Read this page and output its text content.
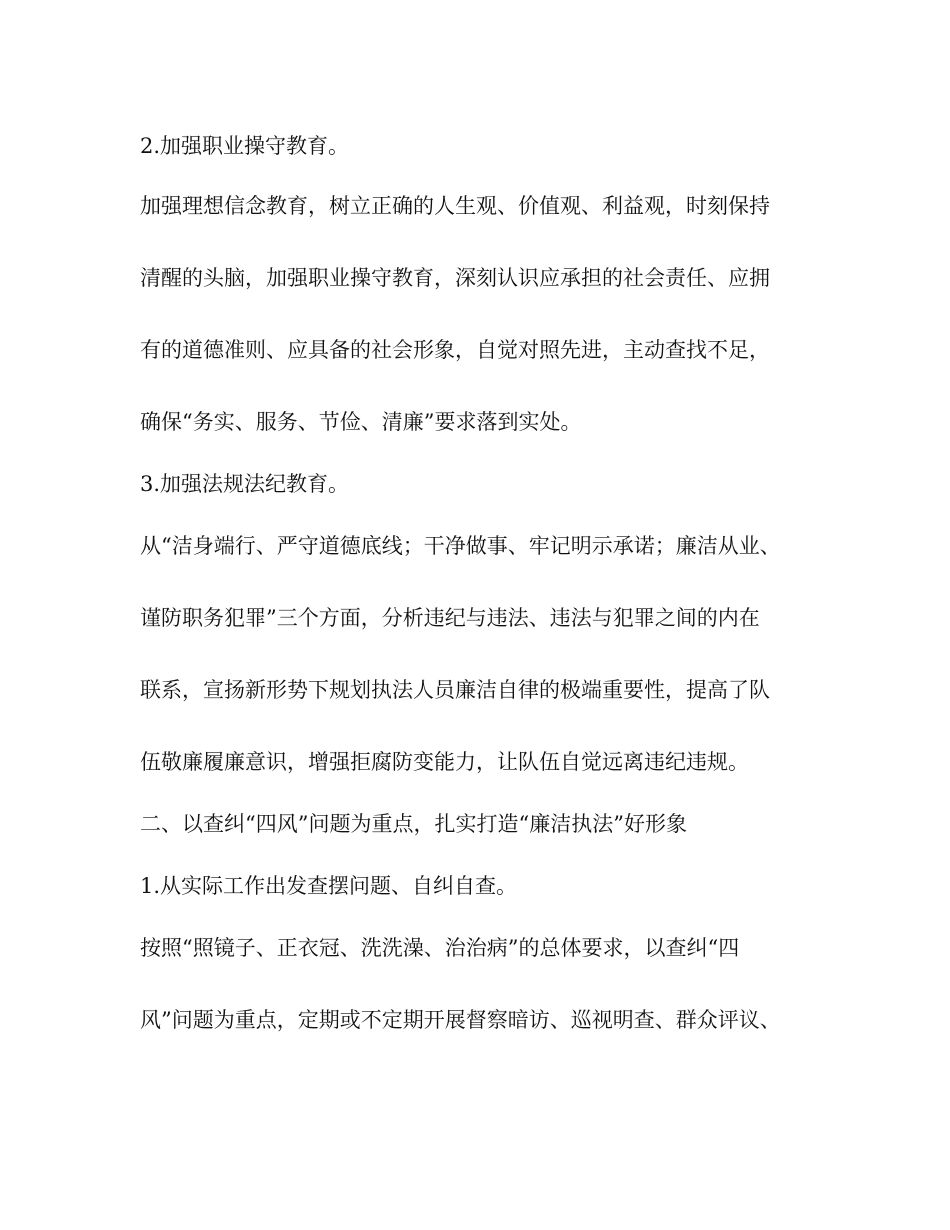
2.加强职业操守教育。
加强理想信念教育，树立正确的人生观、价值观、利益观，时刻保持
清醒的头脑，加强职业操守教育，深刻认识应承担的社会责任、应拥
有的道德准则、应具备的社会形象，自觉对照先进，主动查找不足，
确保“务实、服务、节俭、清廉”要求落到实处。
3.加强法规法纪教育。
从“洁身端行、严守道德底线；干净做事、牢记明示承诺；廉洁从业、
谨防职务犯罪”三个方面，分析违纪与违法、违法与犯罪之间的内在
联系，宣扬新形势下规划执法人员廉洁自律的极端重要性，提高了队
伍敬廉履廉意识，增强拒腐防变能力，让队伍自觉远离违纪违规。
二、以查纠“四风”问题为重点，扎实打造“廉洁执法”好形象
1.从实际工作出发查摆问题、自纠自查。
按照“照镜子、正衣冠、洗洗澡、治治病”的总体要求，以查纠“四
风”问题为重点，定期或不定期开展督察暗访、巡视明查、群众评议、
